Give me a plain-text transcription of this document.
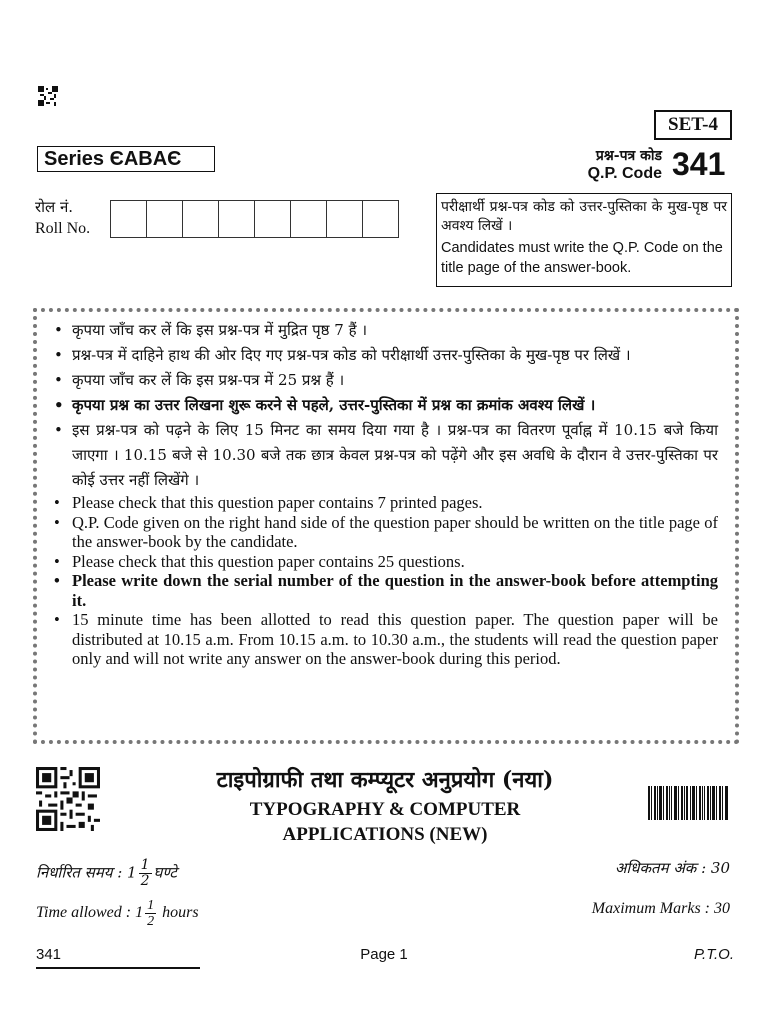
SET-4
Series ЄABAЄ	प्रश्न-पत्र कोड
Q.P. Code 341
रोल नं.
Roll No.
परीक्षार्थी प्रश्न-पत्र कोड को उत्तर-पुस्तिका के मुख-पृष्ठ पर अवश्य लिखें ।
Candidates must write the Q.P. Code on the title page of the answer-book.
• कृपया जाँच कर लें कि इस प्रश्न-पत्र में मुद्रित पृष्ठ 7 हैं ।
• प्रश्न-पत्र में दाहिने हाथ की ओर दिए गए प्रश्न-पत्र कोड को परीक्षार्थी उत्तर-पुस्तिका के मुख-पृष्ठ पर लिखें ।
• कृपया जाँच कर लें कि इस प्रश्न-पत्र में 25 प्रश्न हैं ।
• कृपया प्रश्न का उत्तर लिखना शुरू करने से पहले, उत्तर-पुस्तिका में प्रश्न का क्रमांक अवश्य लिखें ।
• इस प्रश्न-पत्र को पढ़ने के लिए 15 मिनट का समय दिया गया है । प्रश्न-पत्र का वितरण पूर्वाह्न में 10.15 बजे किया जाएगा । 10.15 बजे से 10.30 बजे तक छात्र केवल प्रश्न-पत्र को पढ़ेंगे और इस अवधि के दौरान वे उत्तर-पुस्तिका पर कोई उत्तर नहीं लिखेंगे ।
• Please check that this question paper contains 7 printed pages.
• Q.P. Code given on the right hand side of the question paper should be written on the title page of the answer-book by the candidate.
• Please check that this question paper contains 25 questions.
• Please write down the serial number of the question in the answer-book before attempting it.
• 15 minute time has been allotted to read this question paper. The question paper will be distributed at 10.15 a.m. From 10.15 a.m. to 10.30 a.m., the students will read the question paper only and will not write any answer on the answer-book during this period.
टाइपोग्राफी तथा कम्प्यूटर अनुप्रयोग (नया)
TYPOGRAPHY & COMPUTER
APPLICATIONS (NEW)
निर्धारित समय : $1 \frac{1}{2}$ घण्टे
Time allowed : $1 \frac{1}{2}$ hours
अधिकतम अंक : 30
Maximum Marks : 30
341	Page 1	P.T.O.
